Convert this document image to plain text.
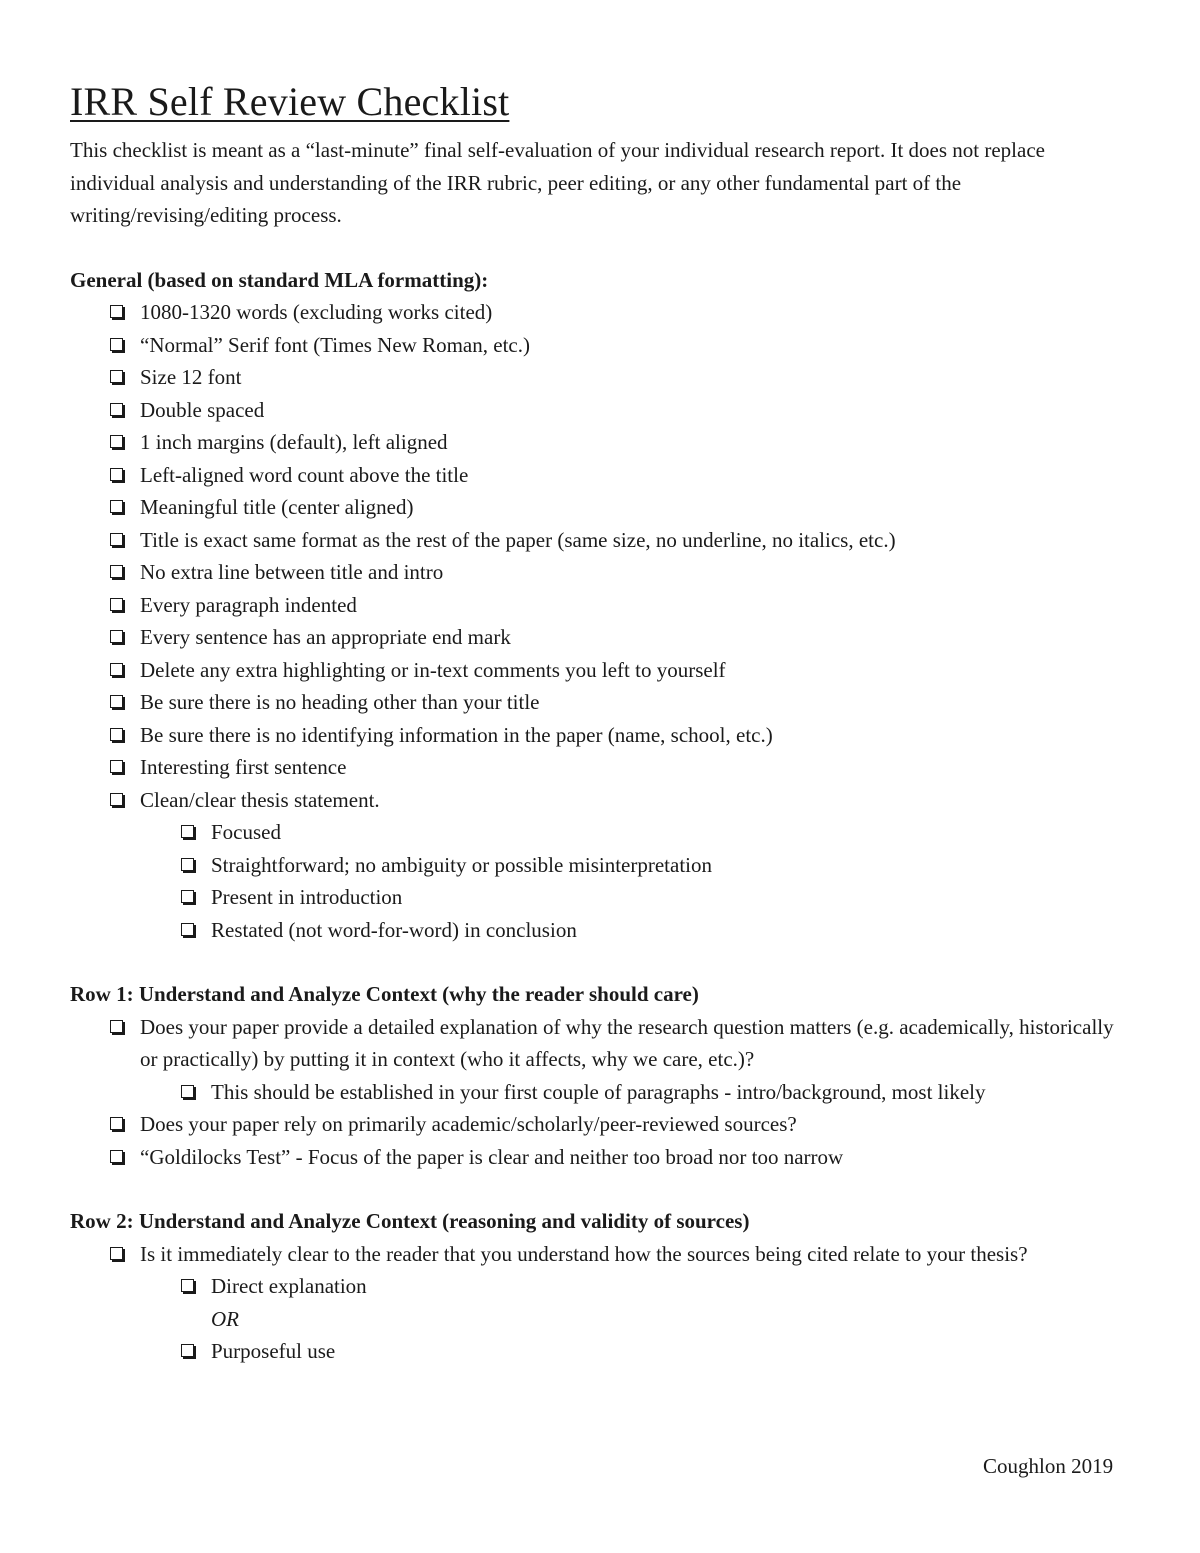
IRR Self Review Checklist

This checklist is meant as a “last-minute” final self-evaluation of your individual research report. It does not replace individual analysis and understanding of the IRR rubric, peer editing, or any other fundamental part of the writing/revising/editing process.

General (based on standard MLA formatting):

1080-1320 words (excluding works cited)
“Normal” Serif font (Times New Roman, etc.)
Size 12 font
Double spaced
1 inch margins (default), left aligned
Left-aligned word count above the title
Meaningful title (center aligned)
Title is exact same format as the rest of the paper (same size, no underline, no italics, etc.)
No extra line between title and intro
Every paragraph indented
Every sentence has an appropriate end mark
Delete any extra highlighting or in-text comments you left to yourself
Be sure there is no heading other than your title
Be sure there is no identifying information in the paper (name, school, etc.)
Interesting first sentence
Clean/clear thesis statement.
Focused
Straightforward; no ambiguity or possible misinterpretation
Present in introduction
Restated (not word-for-word) in conclusion

Row 1: Understand and Analyze Context (why the reader should care)

Does your paper provide a detailed explanation of why the research question matters (e.g. academically, historically or practically) by putting it in context (who it affects, why we care, etc.)?
This should be established in your first couple of paragraphs - intro/background, most likely
Does your paper rely on primarily academic/scholarly/peer-reviewed sources?
“Goldilocks Test” - Focus of the paper is clear and neither too broad nor too narrow

Row 2: Understand and Analyze Context (reasoning and validity of sources)

Is it immediately clear to the reader that you understand how the sources being cited relate to your thesis?
Direct explanation
OR
Purposeful use
Coughlon 2019
